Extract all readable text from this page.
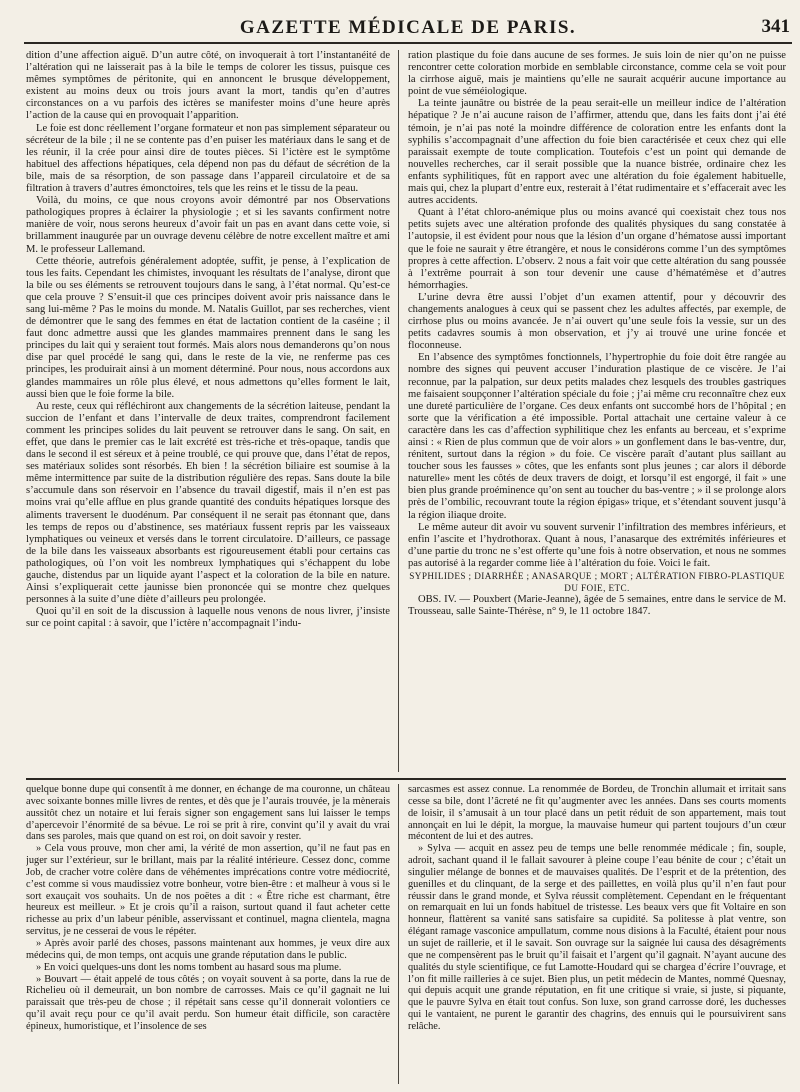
GAZETTE MÉDICALE DE PARIS.	341

dition d’une affection aiguë. D’un autre côté, on invoquerait à tort l’instantanéité de l’altération qui ne laisserait pas à la bile le temps de colorer les tissus, puisque ces mêmes symptômes de péritonite, qui en annoncent le brusque développement, existent au moins deux ou trois jours avant la mort, tandis qu’en d’autres circonstances on a vu parfois des ictères se manifester moins d’une heure après l’action de la cause qui en provoquait l’apparition.

Le foie est donc réellement l’organe formateur et non pas simplement séparateur ou sécréteur de la bile ; il ne se contente pas d’en puiser les matériaux dans le sang et de les réunir, il la crée pour ainsi dire de toutes pièces. Si l’ictère est le symptôme habituel des affections hépatiques, cela dépend non pas du défaut de sécrétion de la bile, mais de sa résorption, de son passage dans l’appareil circulatoire et de sa filtration à travers d’autres émonctoires, tels que les reins et le tissu de la peau.

Voilà, du moins, ce que nous croyons avoir démontré par nos Observations pathologiques propres à éclairer la physiologie ; et si les savants confirment notre manière de voir, nous serons heureux d’avoir fait un pas en avant dans cette voie, si brillamment inaugurée par un ouvrage devenu célèbre de notre excellent maître et ami M. le professeur Lallemand.

Cette théorie, autrefois généralement adoptée, suffit, je pense, à l’explication de tous les faits. Cependant les chimistes, invoquant les résultats de l’analyse, diront que la bile ou ses éléments se retrouvent toujours dans le sang, à l’état normal. Qu’est-ce que cela prouve ? S’ensuit-il que ces principes doivent avoir pris naissance dans le sang lui-même ? Pas le moins du monde. M. Natalis Guillot, par ses recherches, vient de démontrer que le sang des femmes en état de lactation contient de la caséine ; il faut donc admettre aussi que les glandes mammaires prennent dans le sang les principes du lait qui y seraient tout formés. Mais alors nous demanderons qu’on nous dise par quel procédé le sang qui, dans le reste de la vie, ne renferme pas ces principes, les produirait ainsi à un moment déterminé. Pour nous, nous accordons aux glandes mammaires un rôle plus élevé, et nous admettons qu’elles forment le lait, aussi bien que le foie forme la bile.

Au reste, ceux qui réfléchiront aux changements de la sécrétion laiteuse, pendant la succion de l’enfant et dans l’intervalle de deux traites, comprendront facilement comment les principes solides du lait peuvent se retrouver dans le sang. On sait, en effet, que dans le premier cas le lait excrété est très-riche et très-opaque, tandis que dans le second il est séreux et à peine troublé, ce qui prouve que, dans l’état de repos, ses matériaux solides sont résorbés. Eh bien ! la sécrétion biliaire est soumise à la même intermittence par suite de la distribution régulière des repas. Sans doute la bile s’accumule dans son réservoir en l’absence du travail digestif, mais il n’en est pas moins vrai qu’elle afflue en plus grande quantité des conduits hépatiques lorsque des aliments traversent le duodénum. Par conséquent il ne serait pas étonnant que, dans les temps de repos ou d’abstinence, ses matériaux fussent repris par les vaisseaux lymphatiques ou veineux et versés dans le torrent circulatoire. D’ailleurs, ce passage de la bile dans les vaisseaux absorbants est rigoureusement établi pour certains cas pathologiques, où l’on voit les nombreux lymphatiques qui s’échappent du lobe gauche, distendus par un liquide ayant l’aspect et la coloration de la bile en nature. Ainsi s’expliquerait cette jaunisse bien prononcée qui se montre chez quelques personnes à la suite d’une diète d’ailleurs peu prolongée.

Quoi qu’il en soit de la discussion à laquelle nous venons de nous livrer, j’insiste sur ce point capital : à savoir, que l’ictère n’accompagnait l’indu-

ration plastique du foie dans aucune de ses formes. Je suis loin de nier qu’on ne puisse rencontrer cette coloration morbide en semblable circonstance, comme cela se voit pour la cirrhose aiguë, mais je maintiens qu’elle ne saurait acquérir aucune importance au point de vue séméiologique.

La teinte jaunâtre ou bistrée de la peau serait-elle un meilleur indice de l’altération hépatique ? Je n’ai aucune raison de l’affirmer, attendu que, dans les faits dont j’ai été témoin, je n’ai pas noté la moindre différence de coloration entre les enfants dont la syphilis s’accompagnait d’une affection du foie bien caractérisée et ceux chez qui elle paraissait exempte de toute complication. Toutefois c’est un point qui demande de nouvelles recherches, car il serait possible que la nuance bistrée, ordinaire chez les enfants syphilitiques, fût en rapport avec une altération du foie également habituelle, mais qui, chez la plupart d’entre eux, resterait à l’état rudimentaire et s’effacerait avec les autres accidents.

Quant à l’état chloro-anémique plus ou moins avancé qui coexistait chez tous nos petits sujets avec une altération profonde des qualités physiques du sang constatée à l’autopsie, il est évident pour nous que la lésion d’un organe d’hématose aussi important que le foie ne saurait y être étrangère, et nous le considérons comme l’un des symptômes propres à cette affection. L’observ. 2 nous a fait voir que cette altération du sang poussée à l’extrême pourrait à son tour devenir une cause d’hématémèse et d’autres hémorrhagies.

L’urine devra être aussi l’objet d’un examen attentif, pour y découvrir des changements analogues à ceux qui se passent chez les adultes affectés, par exemple, de cirrhose plus ou moins avancée. Je n’ai ouvert qu’une seule fois la vessie, sur un des petits cadavres soumis à mon observation, et j’y ai trouvé une urine foncée et floconneuse.

En l’absence des symptômes fonctionnels, l’hypertrophie du foie doit être rangée au nombre des signes qui peuvent accuser l’induration plastique de ce viscère. Je l’ai reconnue, par la palpation, sur deux petits malades chez lesquels des troubles gastriques me faisaient soupçonner l’altération spéciale du foie ; j’ai même cru reconnaître chez eux une dureté particulière de l’organe. Ces deux enfants ont succombé hors de l’hôpital ; en sorte que la vérification a été impossible. Portal attachait une certaine valeur à ce caractère dans les cas d’affection syphilitique chez les enfants au berceau, et s’exprime ainsi : « Rien de plus commun que de voir alors » un gonflement dans le bas-ventre, dur, rénitent, surtout dans la région » du foie. Ce viscère paraît d’autant plus saillant au toucher sous les fausses » côtes, que les enfants sont plus jeunes ; car alors il déborde naturelle» ment les côtés de deux travers de doigt, et lorsqu’il est engorgé, il fait » une bien plus grande proéminence qu’on sent au toucher du bas-ventre ; » il se prolonge alors près de l’ombilic, recouvrant toute la région épigas» trique, et s’étendant souvent jusqu’à la région iliaque droite.

Le même auteur dit avoir vu souvent survenir l’infiltration des membres inférieurs, et enfin l’ascite et l’hydrothorax. Quant à nous, l’anasarque des extrémités inférieures et d’une partie du tronc ne s’est offerte qu’une fois à notre observation, et nous ne sommes pas autorisé à la regarder comme liée à l’altération du foie. Voici le fait.

SYPHILIDES ; DIARRHÉE ; ANASARQUE ; MORT ; ALTÉRATION FIBRO-PLASTIQUE DU FOIE, ETC.

OBS. IV. — Pouxbert (Marie-Jeanne), âgée de 5 semaines, entre dans le service de M. Trousseau, salle Sainte-Thérèse, n° 9, le 11 octobre 1847.

quelque bonne dupe qui consentît à me donner, en échange de ma couronne, un château avec soixante bonnes mille livres de rentes, et dès que je l’aurais trouvée, je la mènerais aussitôt chez un notaire et lui ferais signer son engagement sans lui laisser le temps d’apercevoir l’énormité de sa bévue. Le roi se prit à rire, convint qu’il y avait du vrai dans ses paroles, mais que quand on est roi, on doit savoir y rester.

» Cela vous prouve, mon cher ami, la vérité de mon assertion, qu’il ne faut pas en juger sur l’extérieur, sur le brillant, mais par la réalité intérieure. Cessez donc, comme Job, de cracher votre colère dans de véhémentes imprécations contre votre médiocrité, c’est comme si vous maudissiez votre bonheur, votre bien-être : et malheur à vous si le sort exauçait vos souhaits. Un de nos poëtes a dit : « Être riche est charmant, être heureux est meilleur. » Et je crois qu’il a raison, surtout quand il faut acheter cette richesse au prix d’un labeur pénible, asservissant et continuel, magna clientela, magna servitus, je ne cesserai de vous le répéter.

» Après avoir parlé des choses, passons maintenant aux hommes, je veux dire aux médecins qui, de mon temps, ont acquis une grande réputation dans le public.

» En voici quelques-uns dont les noms tombent au hasard sous ma plume.

» Bouvart — était appelé de tous côtés ; on voyait souvent à sa porte, dans la rue de Richelieu où il demeurait, un bon nombre de carrosses. Mais ce qu’il gagnait ne lui paraissait que très-peu de chose ; il répétait sans cesse qu’il donnerait volontiers ce qu’il avait reçu pour ce qu’il avait perdu. Son humeur était difficile, son caractère épineux, humoristique, et l’insolence de ses

sarcasmes est assez connue. La renommée de Bordeu, de Tronchin allumait et irritait sans cesse sa bile, dont l’âcreté ne fit qu’augmenter avec les années. Dans ses courts moments de loisir, il s’amusait à un tour placé dans un petit réduit de son appartement, mais tout annonçait en lui le dépit, la morgue, la mauvaise humeur qui partent toujours d’un cœur mécontent de lui et des autres.

» Sylva — acquit en assez peu de temps une belle renommée médicale ; fin, souple, adroit, sachant quand il le fallait savourer à pleine coupe l’eau bénite de cour ; c’était un singulier mélange de bonnes et de mauvaises qualités. De l’esprit et de la prétention, des guenilles et du clinquant, de la serge et des paillettes, en voilà plus qu’il n’en faut pour réussir dans le grand monde, et Sylva réussit complètement. Cependant en le fréquentant on remarquait en lui un fonds habituel de tristesse. Les beaux vers que fit Voltaire en son honneur, flattèrent sa vanité sans satisfaire sa cupidité. Sa politesse à plat ventre, son élégant ramage vasconice ampullatum, comme nous disions à la Faculté, étaient pour nous un sujet de raillerie, et il le savait. Son ouvrage sur la saignée lui causa des désagréments que ne compensèrent pas le bruit qu’il faisait et l’argent qu’il gagnait. N’ayant aucune des qualités du style scientifique, ce fut Lamotte-Houdard qui se chargea d’écrire l’ouvrage, et l’on fit mille railleries à ce sujet. Bien plus, un petit médecin de Mantes, nommé Quesnay, qui depuis acquit une grande réputation, en fit une critique si vraie, si juste, si piquante, que le pauvre Sylva en était tout confus. Son luxe, son grand carrosse doré, les duchesses qui le vantaient, ne purent le garantir des chagrins, des ennuis qui le poursuivirent sans relâche.
